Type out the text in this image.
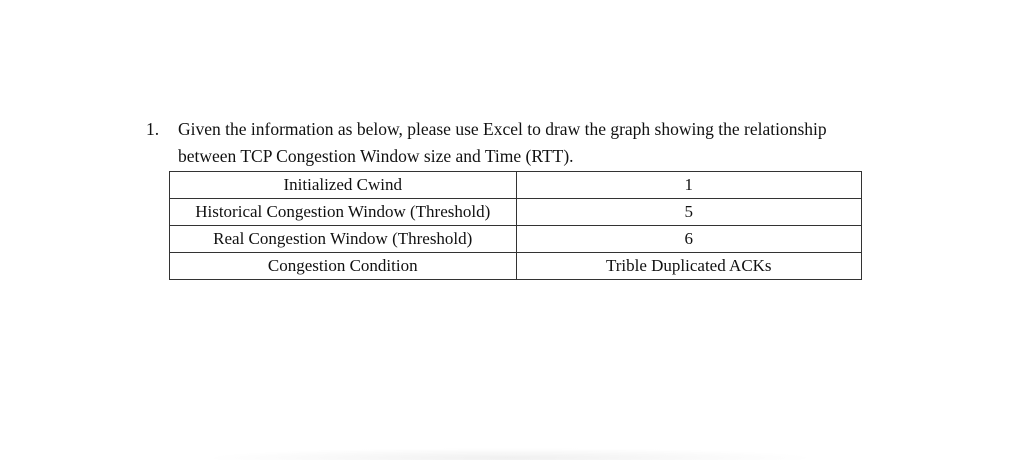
1. Given the information as below, please use Excel to draw the graph showing the relationship
between TCP Congestion Window size and Time (RTT).
Initialized Cwind	1
Historical Congestion Window (Threshold)	5
Real Congestion Window (Threshold)	6
Congestion Condition	Trible Duplicated ACKs
